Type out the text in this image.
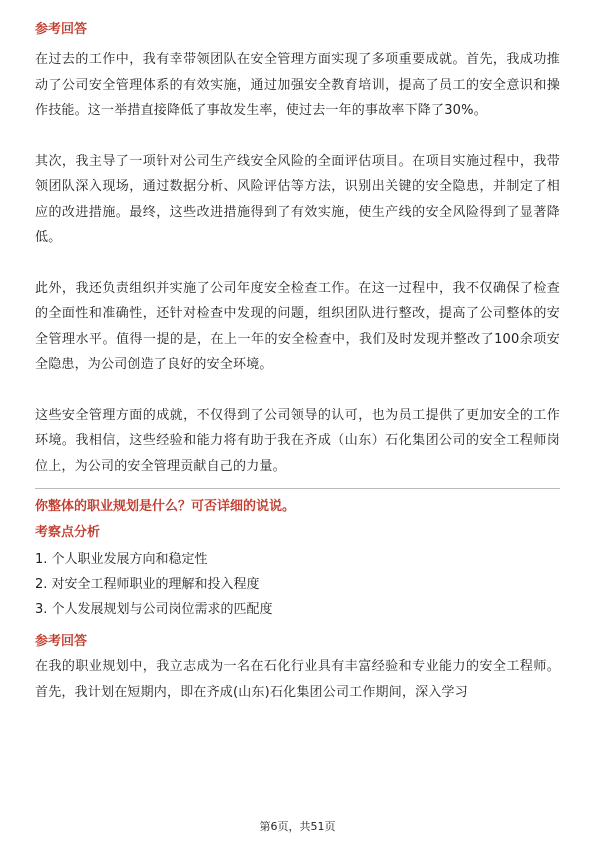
参考回答

在过去的工作中，我有幸带领团队在安全管理方面实现了多项重要成就。首先，我成功推动了公司安全管理体系的有效实施，通过加强安全教育培训，提高了员工的安全意识和操作技能。这一举措直接降低了事故发生率，使过去一年的事故率下降了30%。

其次，我主导了一项针对公司生产线安全风险的全面评估项目。在项目实施过程中，我带领团队深入现场，通过数据分析、风险评估等方法，识别出关键的安全隐患，并制定了相应的改进措施。最终，这些改进措施得到了有效实施，使生产线的安全风险得到了显著降低。

此外，我还负责组织并实施了公司年度安全检查工作。在这一过程中，我不仅确保了检查的全面性和准确性，还针对检查中发现的问题，组织团队进行整改，提高了公司整体的安全管理水平。值得一提的是，在上一年的安全检查中，我们及时发现并整改了100余项安全隐患，为公司创造了良好的安全环境。

这些安全管理方面的成就，不仅得到了公司领导的认可，也为员工提供了更加安全的工作环境。我相信，这些经验和能力将有助于我在齐成（山东）石化集团公司的安全工程师岗位上，为公司的安全管理贡献自己的力量。

你整体的职业规划是什么？可否详细的说说。

考察点分析

1. 个人职业发展方向和稳定性

2. 对安全工程师职业的理解和投入程度

3. 个人发展规划与公司岗位需求的匹配度

参考回答

在我的职业规划中，我立志成为一名在石化行业具有丰富经验和专业能力的安全工程师。首先，我计划在短期内，即在齐成(山东)石化集团公司工作期间，深入学习

第6页，共51页
